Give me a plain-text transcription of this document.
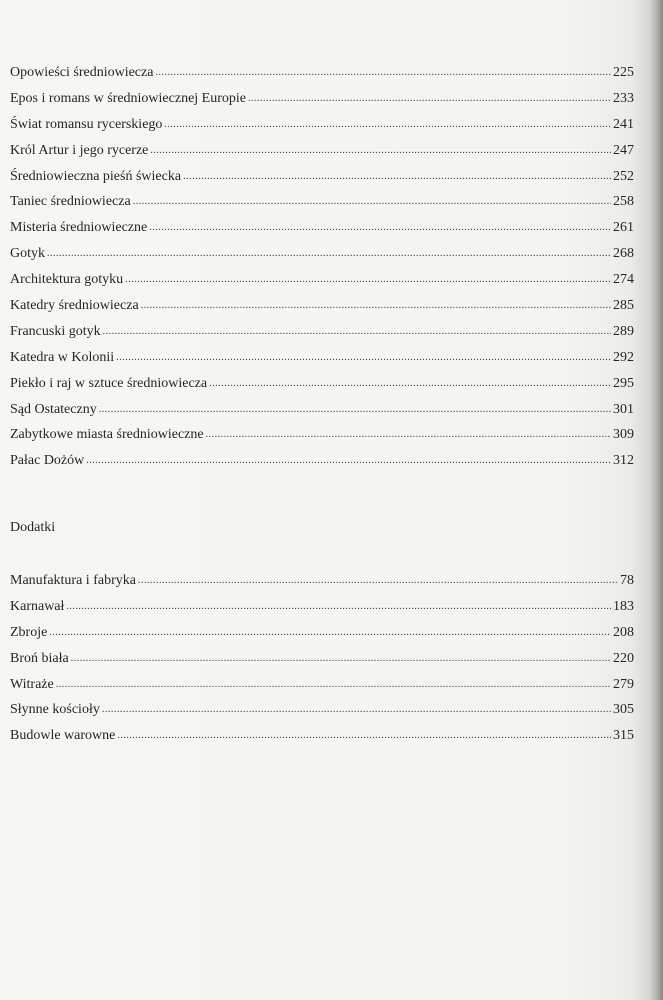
Opowieści średniowiecza .....	225
Epos i romans w średniowiecznej Europie .....	233
Świat romansu rycerskiego .....	241
Król Artur i jego rycerze .....	247
Średniowieczna pieśń świecka .....	252
Taniec średniowiecza .....	258
Misteria średniowieczne .....	261
Gotyk .....	268
Architektura gotyku .....	274
Katedry średniowiecza .....	285
Francuski gotyk .....	289
Katedra w Kolonii .....	292
Piekło i raj w sztuce średniowiecza .....	295
Sąd Ostateczny .....	301
Zabytkowe miasta średniowieczne .....	309
Pałac Dożów .....	312
Dodatki
Manufaktura i fabryka .....	78
Karnawał .....	183
Zbroje .....	208
Broń biała .....	220
Witraże .....	279
Słynne kościoły .....	305
Budowle warowne .....	315
